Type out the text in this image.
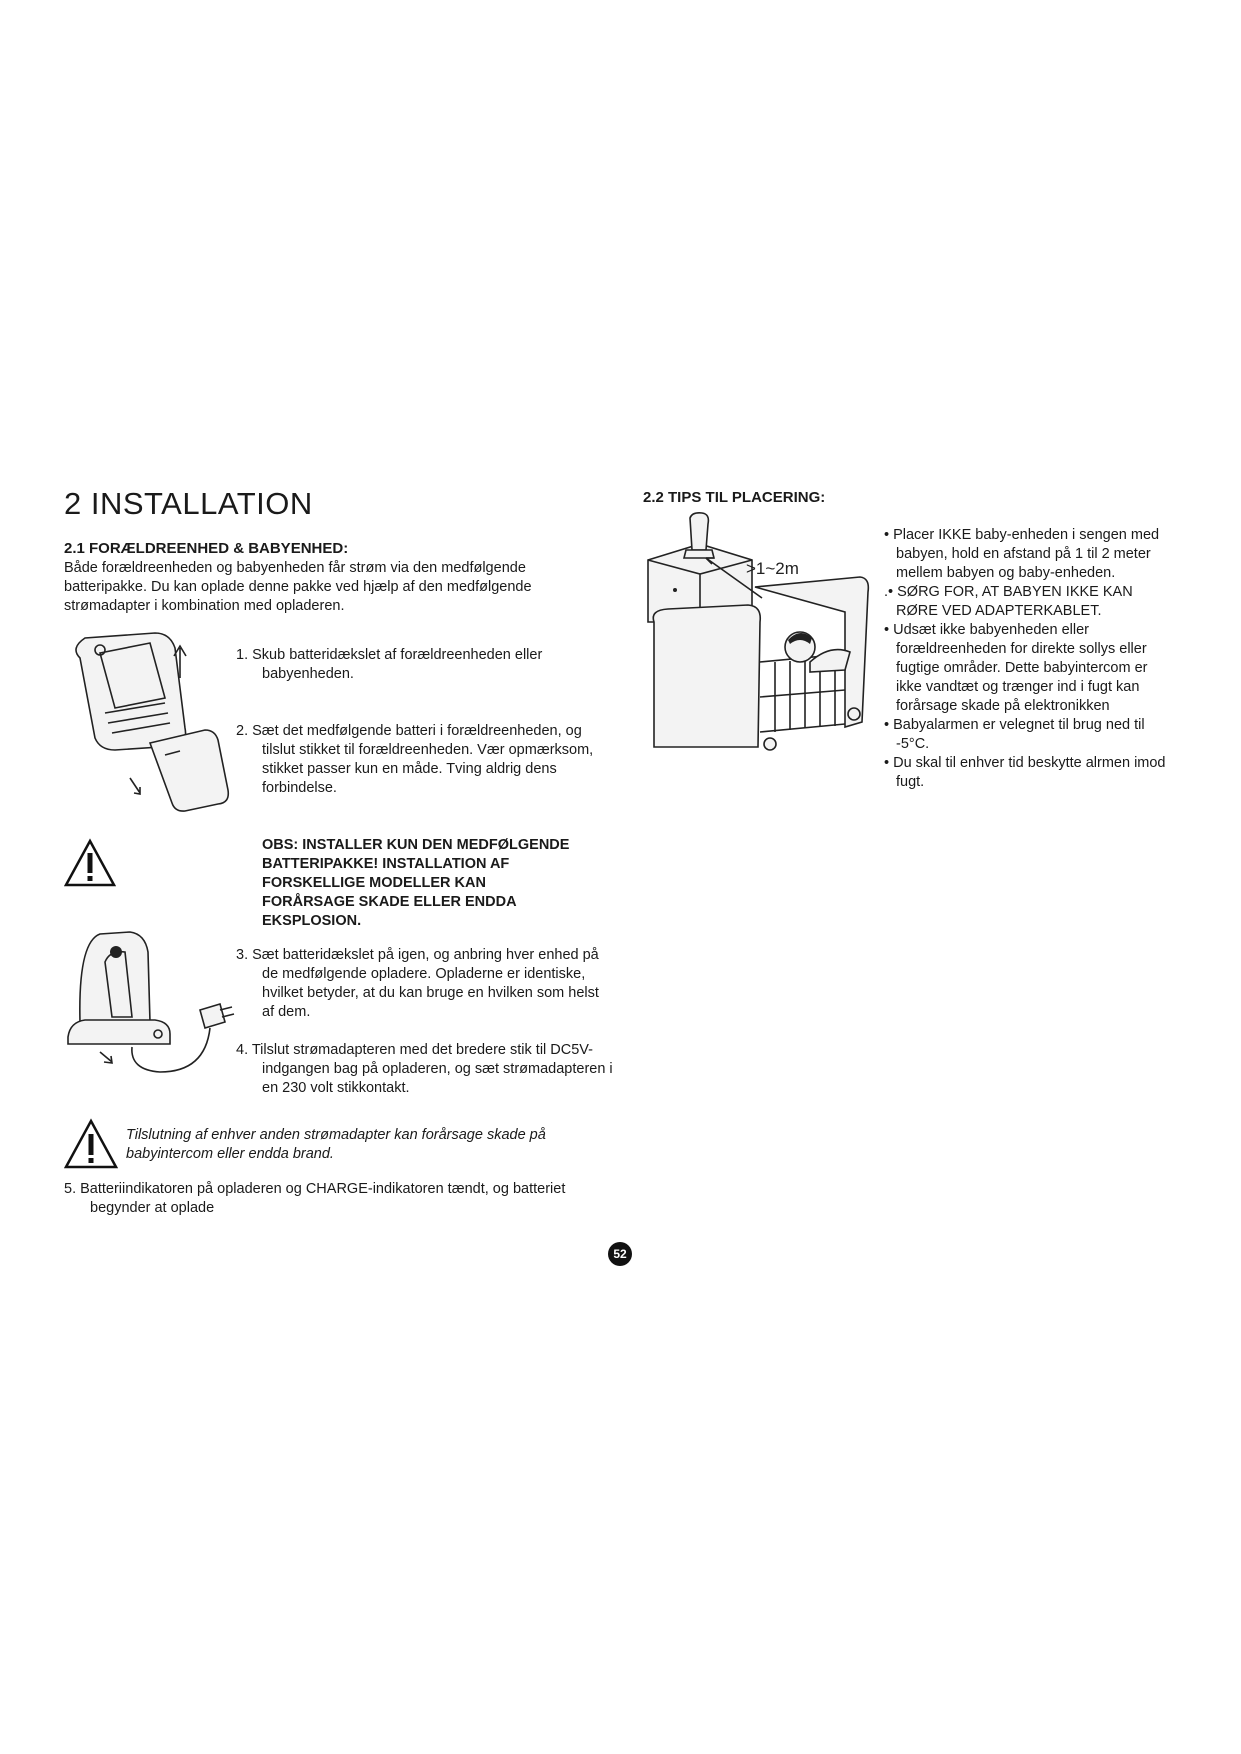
2 INSTALLATION
2.1 FORÆLDREENHED & BABYENHED:
Både forældreenheden og babyenheden får strøm via den medfølgende batteripakke. Du kan oplade denne pakke ved hjælp af den medfølgende strømadapter i kombination med opladeren.
1. Skub batteridækslet af forældreenheden eller babyenheden.
2. Sæt det medfølgende batteri i forældreenheden, og tilslut stikket til forældreenheden. Vær opmærksom, stikket passer kun en måde. Tving aldrig dens forbindelse.
OBS: INSTALLER KUN DEN MEDFØLGENDE BATTERIPAKKE! INSTALLATION AF FORSKELLIGE MODELLER KAN FORÅRSAGE SKADE ELLER ENDDA EKSPLOSION.
3. Sæt batteridækslet på igen, og anbring hver enhed på de medfølgende opladere. Opladerne er identiske, hvilket betyder, at du kan bruge en hvilken som helst af dem.
4. Tilslut strømadapteren med det bredere stik til DC5V-indgangen bag på opladeren, og sæt strømadapteren i en 230 volt stikkontakt.
Tilslutning af enhver anden strømadapter kan forårsage skade på babyintercom eller endda brand.
5. Batteriindikatoren på opladeren og CHARGE-indikatoren tændt, og batteriet begynder at oplade
2.2 TIPS TIL PLACERING:
>1~2m

• Placer IKKE baby-enheden i sengen med babyen, hold en afstand på 1 til 2 meter mellem babyen og baby-enheden.

.• SØRG FOR, AT BABYEN IKKE KAN RØRE VED ADAPTERKABLET.

• Udsæt ikke babyenheden eller forældreenheden for direkte sollys eller fugtige områder. Dette babyintercom er ikke vandtæt og trænger ind i fugt kan forårsage skade på elektronikken

• Babyalarmen er velegnet til brug ned til -5°C.

• Du skal til enhver tid beskytte alrmen imod fugt.

52
